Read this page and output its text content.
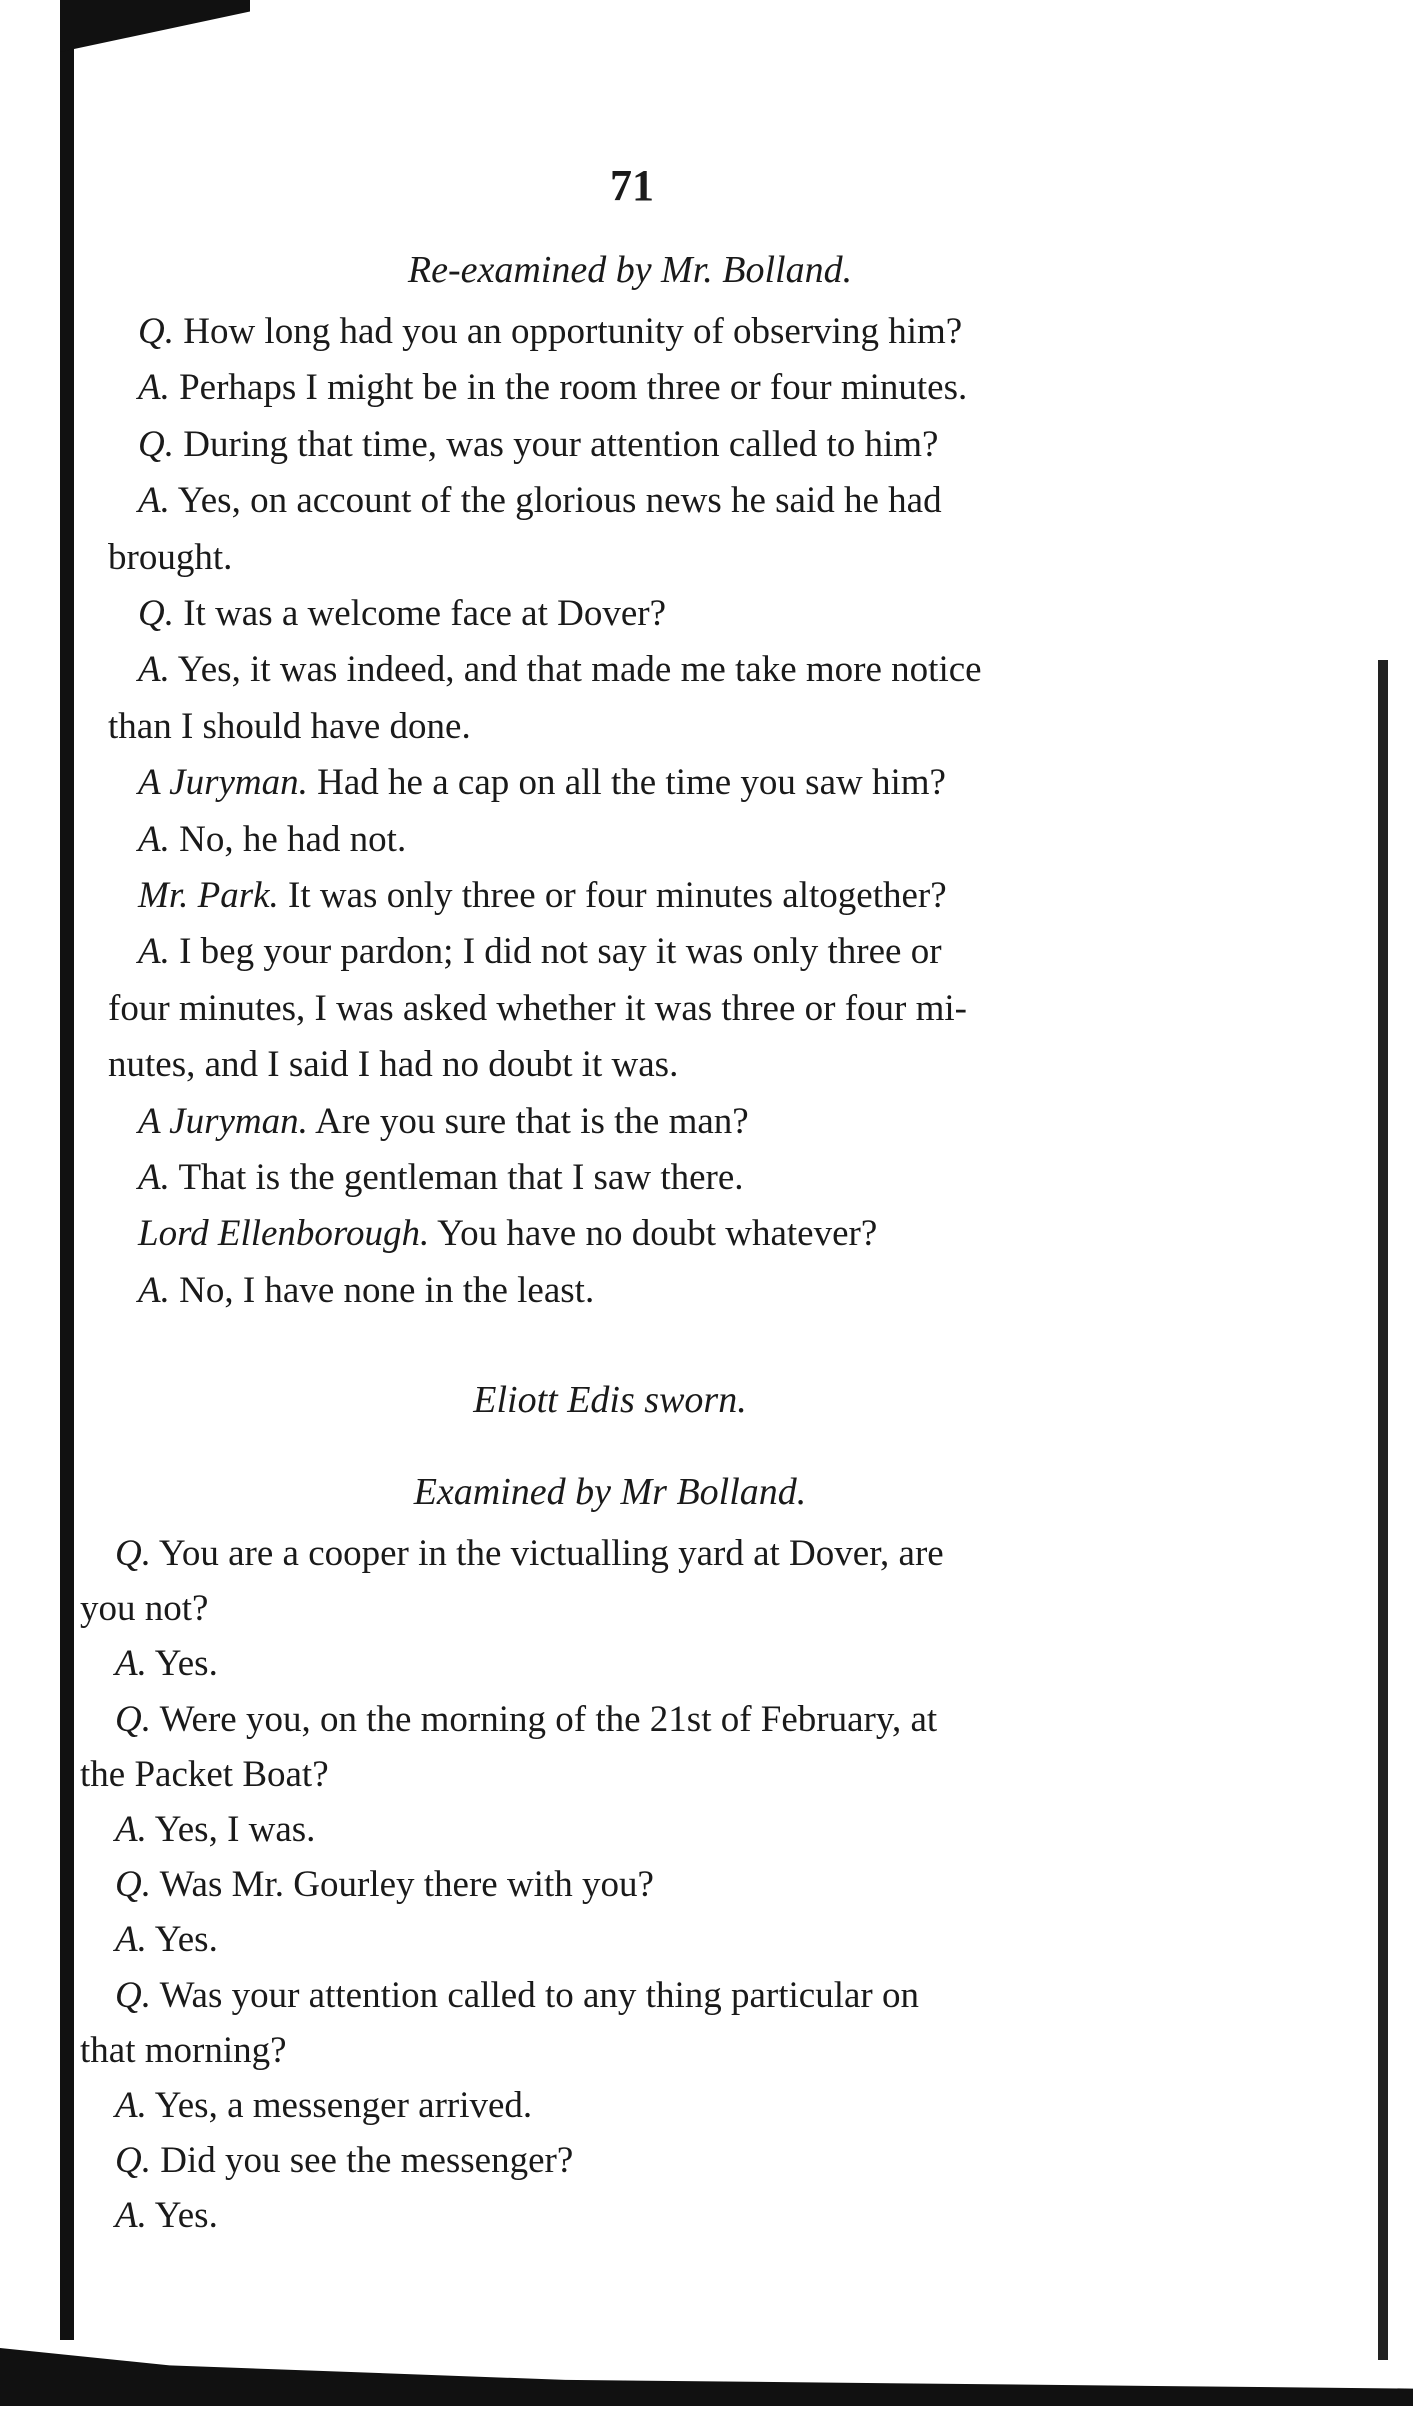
71
Re-examined by Mr. Bolland.
Q. How long had you an opportunity of observing him?
A. Perhaps I might be in the room three or four minutes.
Q. During that time, was your attention called to him?
A. Yes, on account of the glorious news he said he had
brought.
Q. It was a welcome face at Dover?
A. Yes, it was indeed, and that made me take more notice
than I should have done.
A Juryman. Had he a cap on all the time you saw him?
A. No, he had not.
Mr. Park. It was only three or four minutes altogether?
A. I beg your pardon; I did not say it was only three or
four minutes, I was asked whether it was three or four mi-
nutes, and I said I had no doubt it was.
A Juryman. Are you sure that is the man?
A. That is the gentleman that I saw there.
Lord Ellenborough. You have no doubt whatever?
A. No, I have none in the least.
Eliott Edis sworn.
Examined by Mr Bolland.
Q. You are a cooper in the victualling yard at Dover, are
you not?
A. Yes.
Q. Were you, on the morning of the 21st of February, at
the Packet Boat?
A. Yes, I was.
Q. Was Mr. Gourley there with you?
A. Yes.
Q. Was your attention called to any thing particular on
that morning?
A. Yes, a messenger arrived.
Q. Did you see the messenger?
A. Yes.
